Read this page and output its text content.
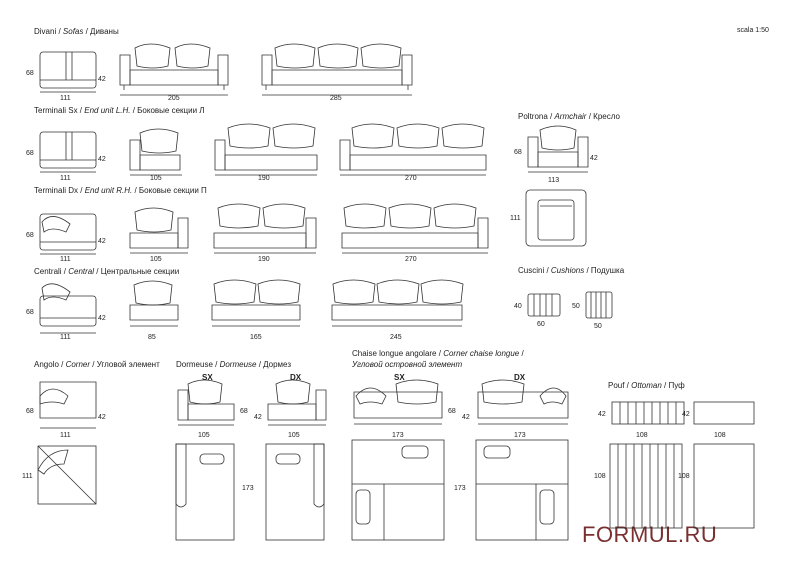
Divani / Sofas / Диваны	scala 1:50
Terminali Sx / End unit L.H. / Боковые секции Л
Terminali Dx / End unit R.H. / Боковые секции П
Centrali / Central / Центральные секции
Angolo / Corner / Угловой элемент Dormeuse / Dormeuse / Дормез
Chaise longue angolare / Corner chaise longue /
Угловой островной элемент
Poltrona / Armchair / Кресло
Cuscini / Cushions / Подушка
Pouf / Ottoman / Пуф
FORMUL.RU
68
42
111	205	285
68
42
111	105	190	270
68
42
111	105	190	270
68
42
111	85	165	245
68
42
113
111
40
60
50
50
68
42
111
111
SX	DX
68
42
105	105
173
SX	DX
68
42
173	173
173
42	42
108	108
108	108
